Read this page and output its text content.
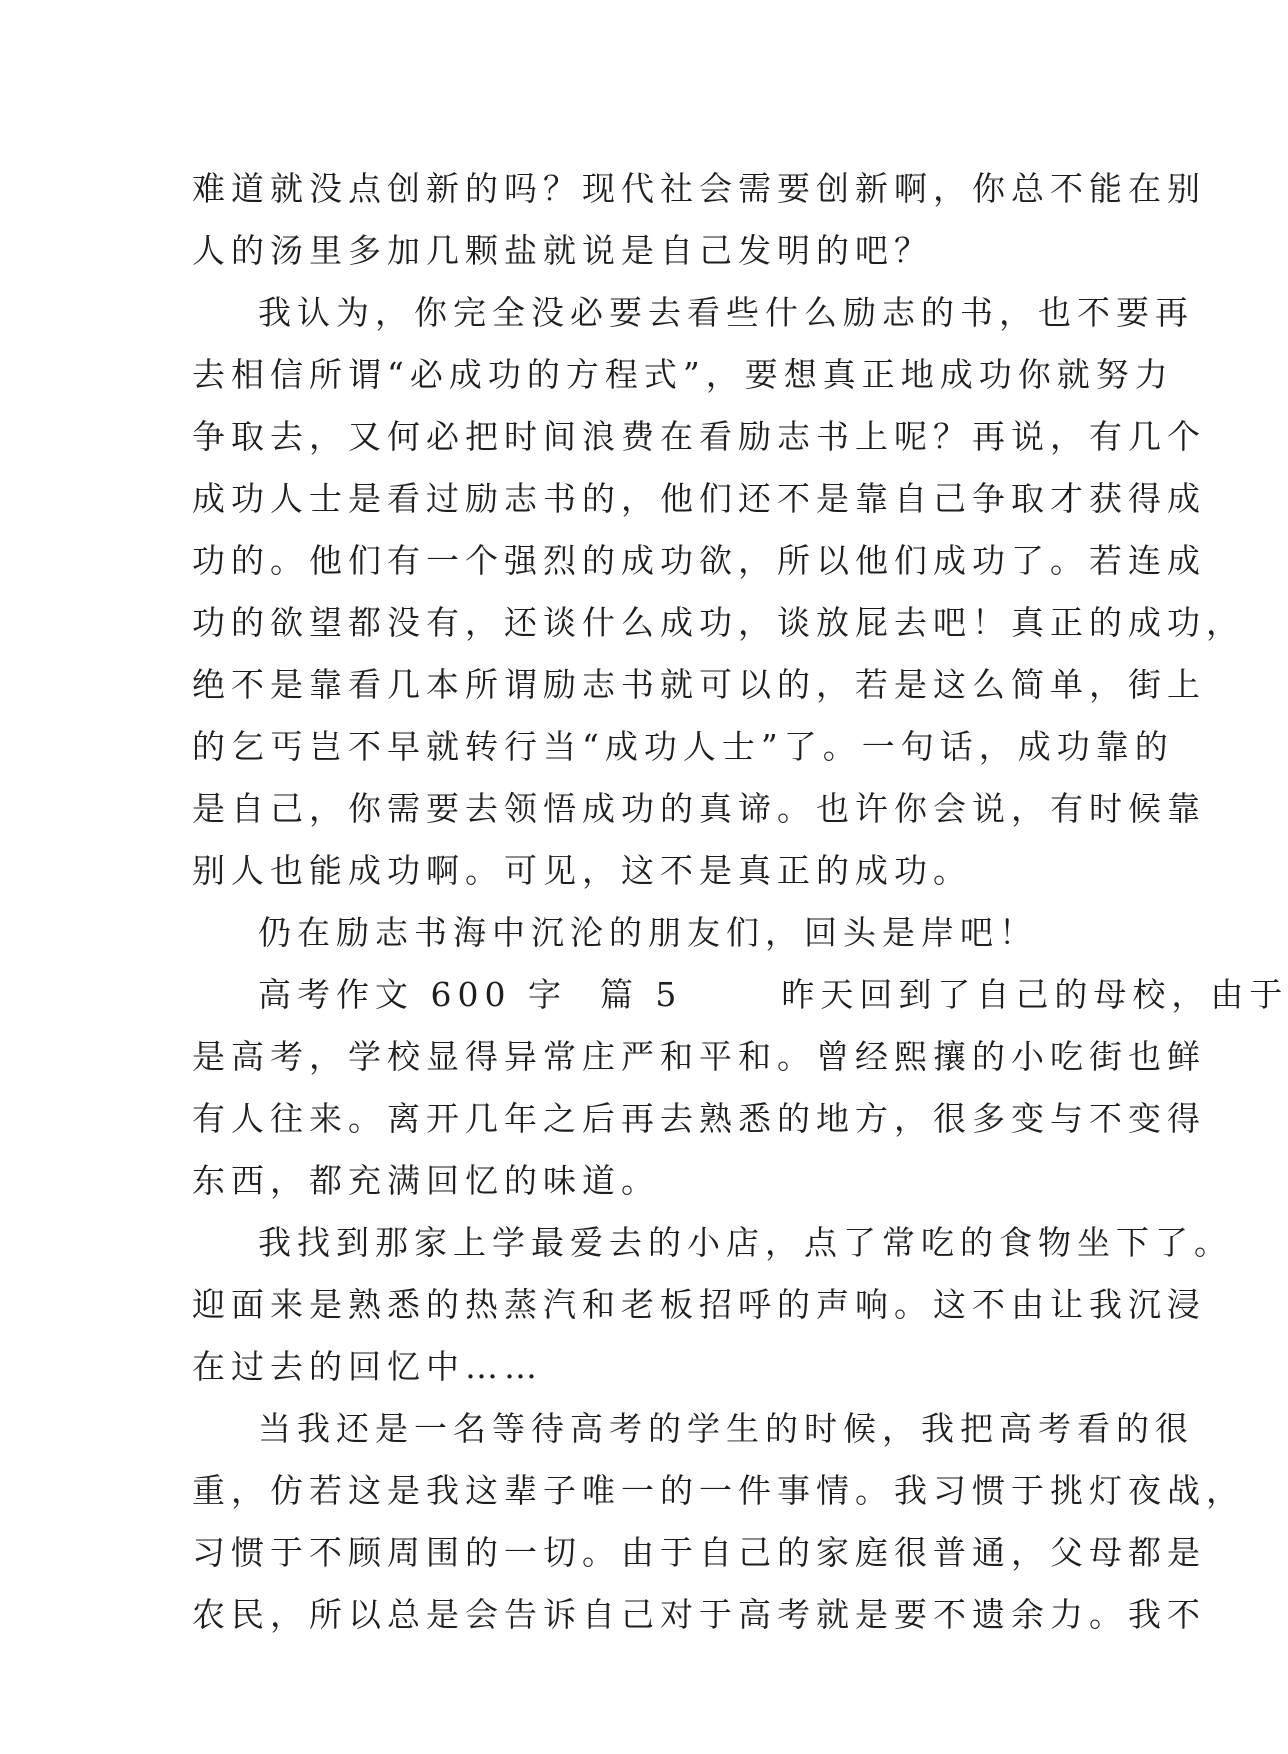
难道就没点创新的吗？现代社会需要创新啊，你总不能在别
人的汤里多加几颗盐就说是自己发明的吧？
我认为，你完全没必要去看些什么励志的书，也不要再
去相信所谓“必成功的方程式”，要想真正地成功你就努力
争取去，又何必把时间浪费在看励志书上呢？再说，有几个
成功人士是看过励志书的，他们还不是靠自己争取才获得成
功的。他们有一个强烈的成功欲，所以他们成功了。若连成
功的欲望都没有，还谈什么成功，谈放屁去吧！真正的成功，
绝不是靠看几本所谓励志书就可以的，若是这么简单，街上
的乞丐岂不早就转行当“成功人士”了。一句话，成功靠的
是自己，你需要去领悟成功的真谛。也许你会说，有时候靠
别人也能成功啊。可见，这不是真正的成功。
仍在励志书海中沉沦的朋友们，回头是岸吧！
高考作文 600 字  篇 5      昨天回到了自己的母校，由于
是高考，学校显得异常庄严和平和。曾经熙攘的小吃街也鲜
有人往来。离开几年之后再去熟悉的地方，很多变与不变得
东西，都充满回忆的味道。
我找到那家上学最爱去的小店，点了常吃的食物坐下了。
迎面来是熟悉的热蒸汽和老板招呼的声响。这不由让我沉浸
在过去的回忆中……
当我还是一名等待高考的学生的时候，我把高考看的很
重，仿若这是我这辈子唯一的一件事情。我习惯于挑灯夜战，
习惯于不顾周围的一切。由于自己的家庭很普通，父母都是
农民，所以总是会告诉自己对于高考就是要不遗余力。我不
